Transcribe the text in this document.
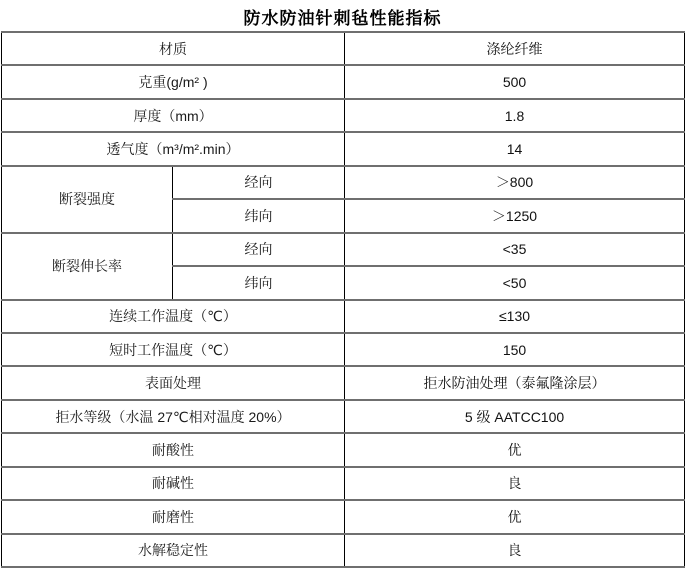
防水防油针刺毡性能指标
材质		涤纶纤维
克重(g/m² )		500
厚度（mm）		1.8
透气度（m³/m².min）		14
断裂强度	经向	＞800
	纬向	＞1250
断裂伸长率	经向	<35
	纬向	<50
连续工作温度（℃）		≤130
短时工作温度（℃）		150
表面处理		拒水防油处理（泰氟隆涂层）
拒水等级（水温 27℃相对温度 20%）		5 级 AATCC100
耐酸性		优
耐碱性		良
耐磨性		优
水解稳定性		良
